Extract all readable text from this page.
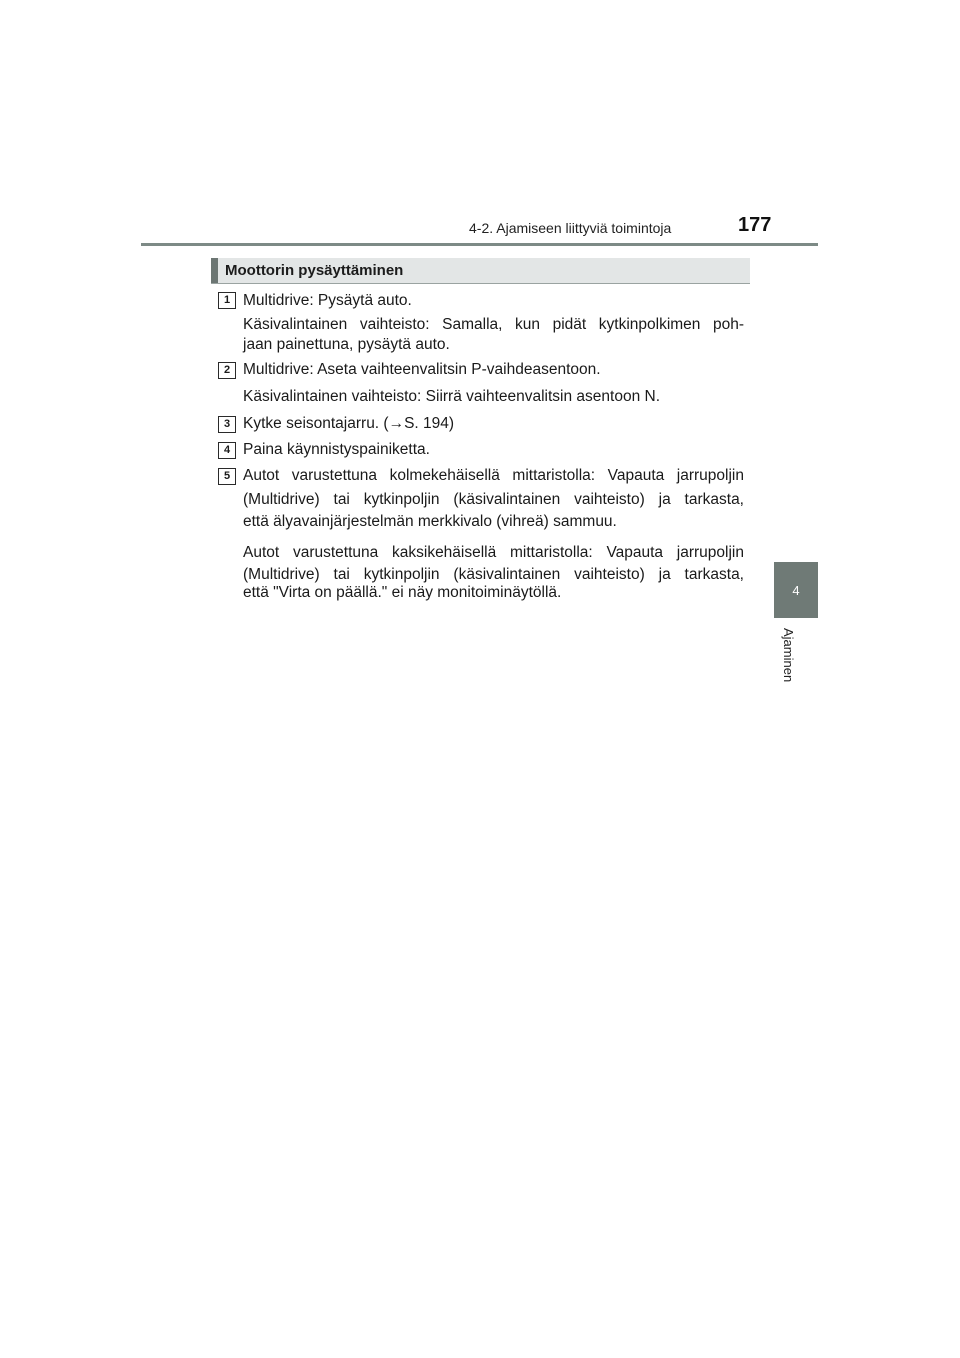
4-2. Ajamiseen liittyviä toimintoja	177
4
Ajaminen
Moottorin pysäyttäminen
1 Multidrive: Pysäytä auto.
Käsivalintainen vaihteisto: Samalla, kun pidät kytkinpolkimen poh-
jaan painettuna, pysäytä auto.
2 Multidrive: Aseta vaihteenvalitsin P-vaihdeasentoon.
Käsivalintainen vaihteisto: Siirrä vaihteenvalitsin asentoon N.
3 Kytke seisontajarru. (→S. 194)
4 Paina käynnistyspainiketta.
5 Autot varustettuna kolmekehäisellä mittaristolla: Vapauta jarrupoljin
(Multidrive) tai kytkinpoljin (käsivalintainen vaihteisto) ja tarkasta,
että älyavainjärjestelmän merkkivalo (vihreä) sammuu.
Autot varustettuna kaksikehäisellä mittaristolla: Vapauta jarrupoljin
(Multidrive) tai kytkinpoljin (käsivalintainen vaihteisto) ja tarkasta,
että "Virta on päällä." ei näy monitoiminäytöllä.
